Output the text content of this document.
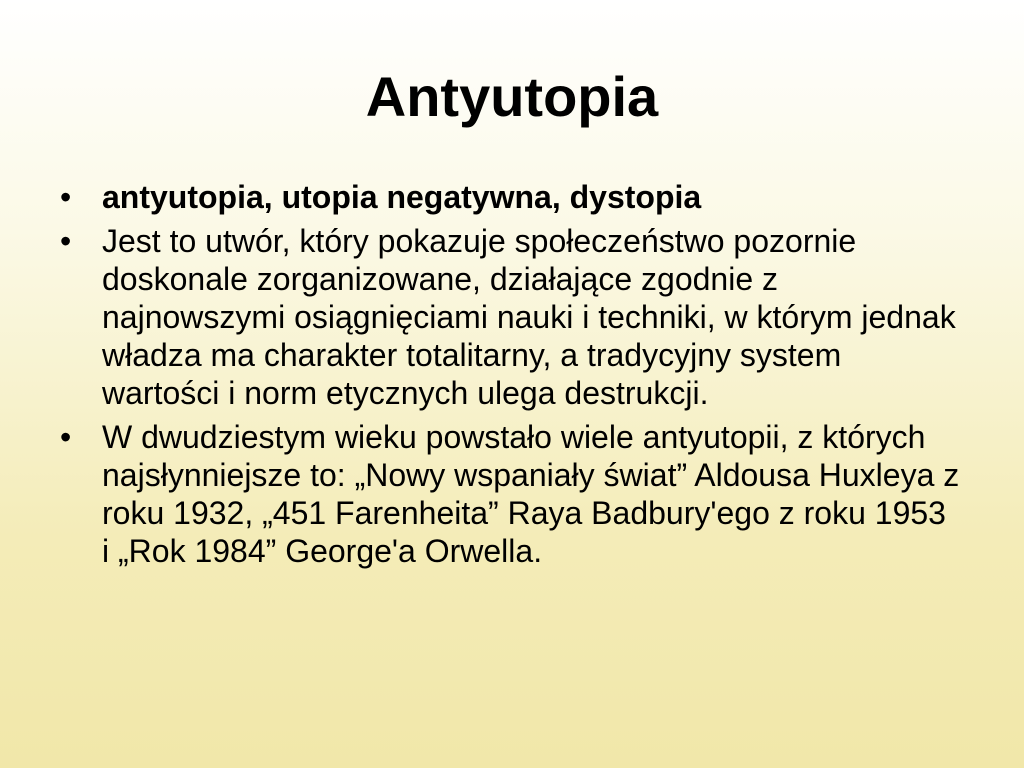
Antyutopia
• antyutopia, utopia negatywna, dystopia
• Jest to utwór, który pokazuje społeczeństwo pozornie doskonale zorganizowane, działające zgodnie z najnowszymi osiągnięciami nauki i techniki, w którym jednak władza ma charakter totalitarny, a tradycyjny system wartości i norm etycznych ulega destrukcji.
• W dwudziestym wieku powstało wiele antyutopii, z których najsłynniejsze to: „Nowy wspaniały świat” Aldousa Huxleya z roku 1932, „451 Farenheita” Raya Badbury'ego z roku 1953 i „Rok 1984” George'a Orwella.
